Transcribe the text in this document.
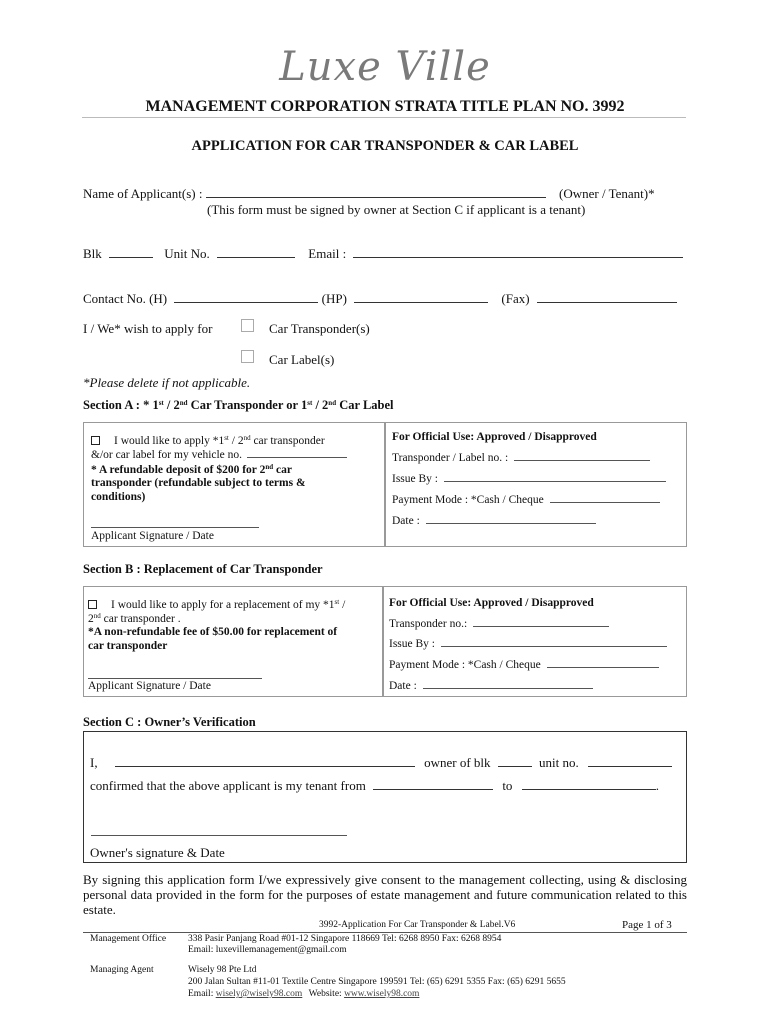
Luxe Ville
MANAGEMENT CORPORATION STRATA TITLE PLAN NO. 3992
APPLICATION FOR CAR TRANSPONDER & CAR LABEL
Name of Applicant(s) :	(Owner / Tenant)*
(This form must be signed by owner at Section C if applicant is a tenant)
Blk	Unit No.	Email :
Contact No. (H)	(HP)	(Fax)
I / We* wish to apply for	Car Transponder(s)
Car Label(s)
*Please delete if not applicable.
Section A : * 1st / 2nd Car Transponder or 1st / 2nd Car Label
I would like to apply *1st / 2nd car transponder
&/or car label for my vehicle no.
* A refundable deposit of $200 for 2nd car
transponder (refundable subject to terms &
conditions)
Applicant Signature / Date
For Official Use: Approved / Disapproved
Transponder / Label no. :
Issue By :
Payment Mode : *Cash / Cheque
Date :
Section B : Replacement of Car Transponder
I would like to apply for a replacement of my *1st /
2nd car transponder .
*A non-refundable fee of $50.00 for replacement of
car transponder
Applicant Signature / Date
For Official Use: Approved / Disapproved
Transponder no.:
Issue By :
Payment Mode : *Cash / Cheque
Date :
Section C : Owner’s Verification
I,	owner of blk	unit no.
confirmed that the above applicant is my tenant from	to	.
Owner's signature & Date
By signing this application form I/we expressively give consent to the management collecting, using & disclosing personal data provided in the form for the purposes of estate management and future communication related to this estate.
3992-Application For Car Transponder & Label.V6	Page 1 of 3
Management Office 338 Pasir Panjang Road #01-12 Singapore 118669 Tel: 6268 8950 Fax: 6268 8954
Email: luxevillemanagement@gmail.com
Managing Agent	Wisely 98 Pte Ltd
200 Jalan Sultan #11-01 Textile Centre Singapore 199591 Tel: (65) 6291 5355 Fax: (65) 6291 5655
Email: wisely@wisely98.com Website: www.wisely98.com
